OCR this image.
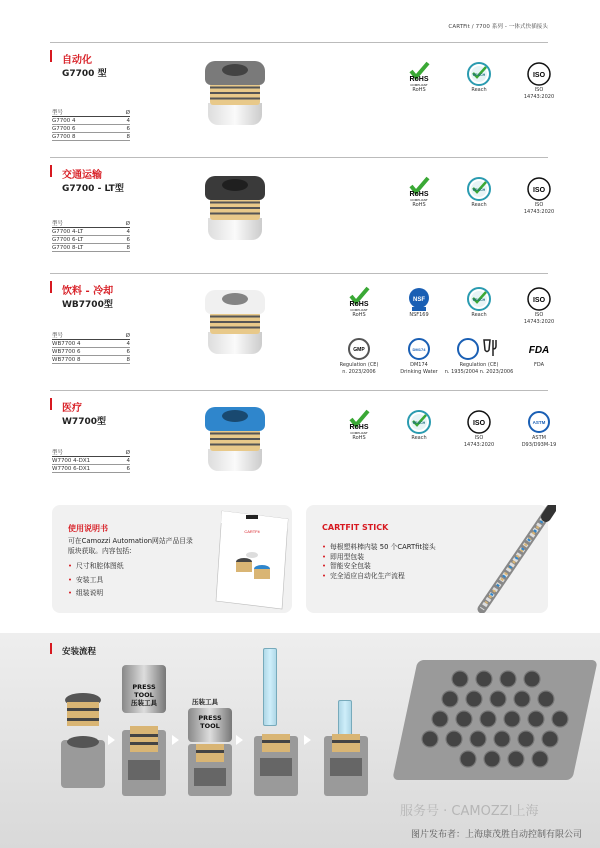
CARTFit / 7700 系列 - 一体式快插接头
自动化
G7700 型
型号	Ø
G7700 4	4
G7700 6	6
G7700 8	8
RoHS
COMPLIANT
RoHS
REACH
Reach
ISO
ISO
14743:2020
交通运输
G7700 - LT型
型号	Ø
G7700 4-LT	4
G7700 6-LT	6
G7700 8-LT	8
RoHS
COMPLIANT
RoHS
REACH
Reach
ISO
ISO
14743:2020
饮料 - 冷却
WB7700型
型号	Ø
WB7700 4	4
WB7700 6	6
WB7700 8	8
RoHS
COMPLIANT
RoHS
NSF
NSF169
REACH
Reach
ISO
ISO
14743:2020
GMP
Regulation (CE)
n. 2023/2006
DM174
DM174
Drinking Water
Regulation (CE)
n. 1935/2004 n. 2023/2006
FDA
FDA
医疗
W7700型
型号	Ø
W7700 4-DX1	4
W7700 6-DX1	6
RoHS
COMPLIANT
RoHS
REACH
Reach
ISO
ISO
14743:2020
ASTM
ASTM
D93/D93M-19
使用说明书
可在Camozzi Automation网站产品目录版块获取。内容包括:
• 尺寸和腔体图纸
• 安装工具
• 组装说明
CARTFit	CARTFIT STICK
• 每根塑料棒内装 50 个CARTfit接头
• 即用型包装
• 智能安全包装
• 完全适应自动化生产流程
安装流程
PRESS
TOOL
压装工具	压装工具
PRESS
TOOL
服务号 · CAMOZZI上海
图片发布者：上海康茂胜自动控制有限公司
